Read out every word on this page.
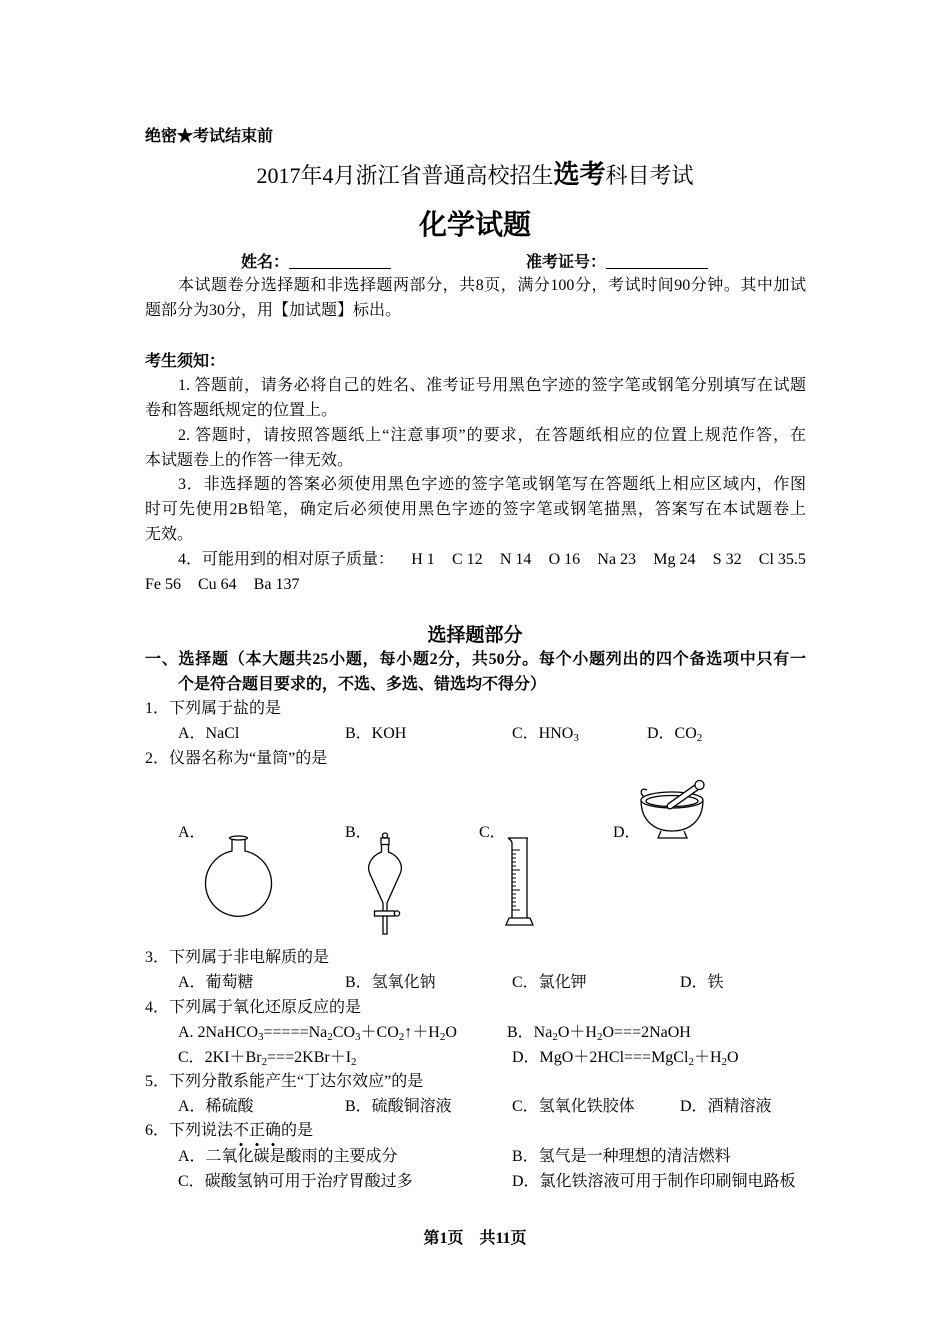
绝密★考试结束前
2017年4月浙江省普通高校招生选考科目考试
化学试题
姓名：	准考证号：
本试题卷分选择题和非选择题两部分，共8页，满分100分，考试时间90分钟。其中加试
题部分为30分，用【加试题】标出。
考生须知：
1. 答题前，请务必将自己的姓名、准考证号用黑色字迹的签字笔或钢笔分别填写在试题
卷和答题纸规定的位置上。
2. 答题时，请按照答题纸上“注意事项”的要求，在答题纸相应的位置上规范作答，在
本试题卷上的作答一律无效。
3．非选择题的答案必须使用黑色字迹的签字笔或钢笔写在答题纸上相应区域内，作图
时可先使用2B铅笔，确定后必须使用黑色字迹的签字笔或钢笔描黑，答案写在本试题卷上
无效。
4．可能用到的相对原子质量： H 1 C 12 N 14 O 16 Na 23 Mg 24 S 32 Cl 35.5
Fe 56 Cu 64 Ba 137
选择题部分
一、选择题（本大题共25小题，每小题2分，共50分。每个小题列出的四个备选项中只有一
个是符合题目要求的，不选、多选、错选均不得分）
1．下列属于盐的是
A．NaCl	B．KOH	C．$HNO_3$	D．$CO_2$
2．仪器名称为“量筒”的是
A．	B．	C．	D．
3．下列属于非电解质的是
A．葡萄糖	B．氢氧化钠	C．氯化钾	D．铁
4．下列属于氧化还原反应的是
A. $2NaHCO_3=====Na_2CO_3+CO_2↑+H_2O$	B．$Na_2O+H_2O===2NaOH$
C．$2KI+Br_2===2KBr+I_2$	D．$MgO+2HCl===MgCl_2+H_2O$
5．下列分散系能产生“丁达尔效应”的是
A．稀硫酸	B．硫酸铜溶液	C．氢氧化铁胶体	D．酒精溶液
6．下列说法不正确的是
A．二氧化碳是酸雨的主要成分	B．氢气是一种理想的清洁燃料
C．碳酸氢钠可用于治疗胃酸过多	D．氯化铁溶液可用于制作印刷铜电路板
第1页　共11页
